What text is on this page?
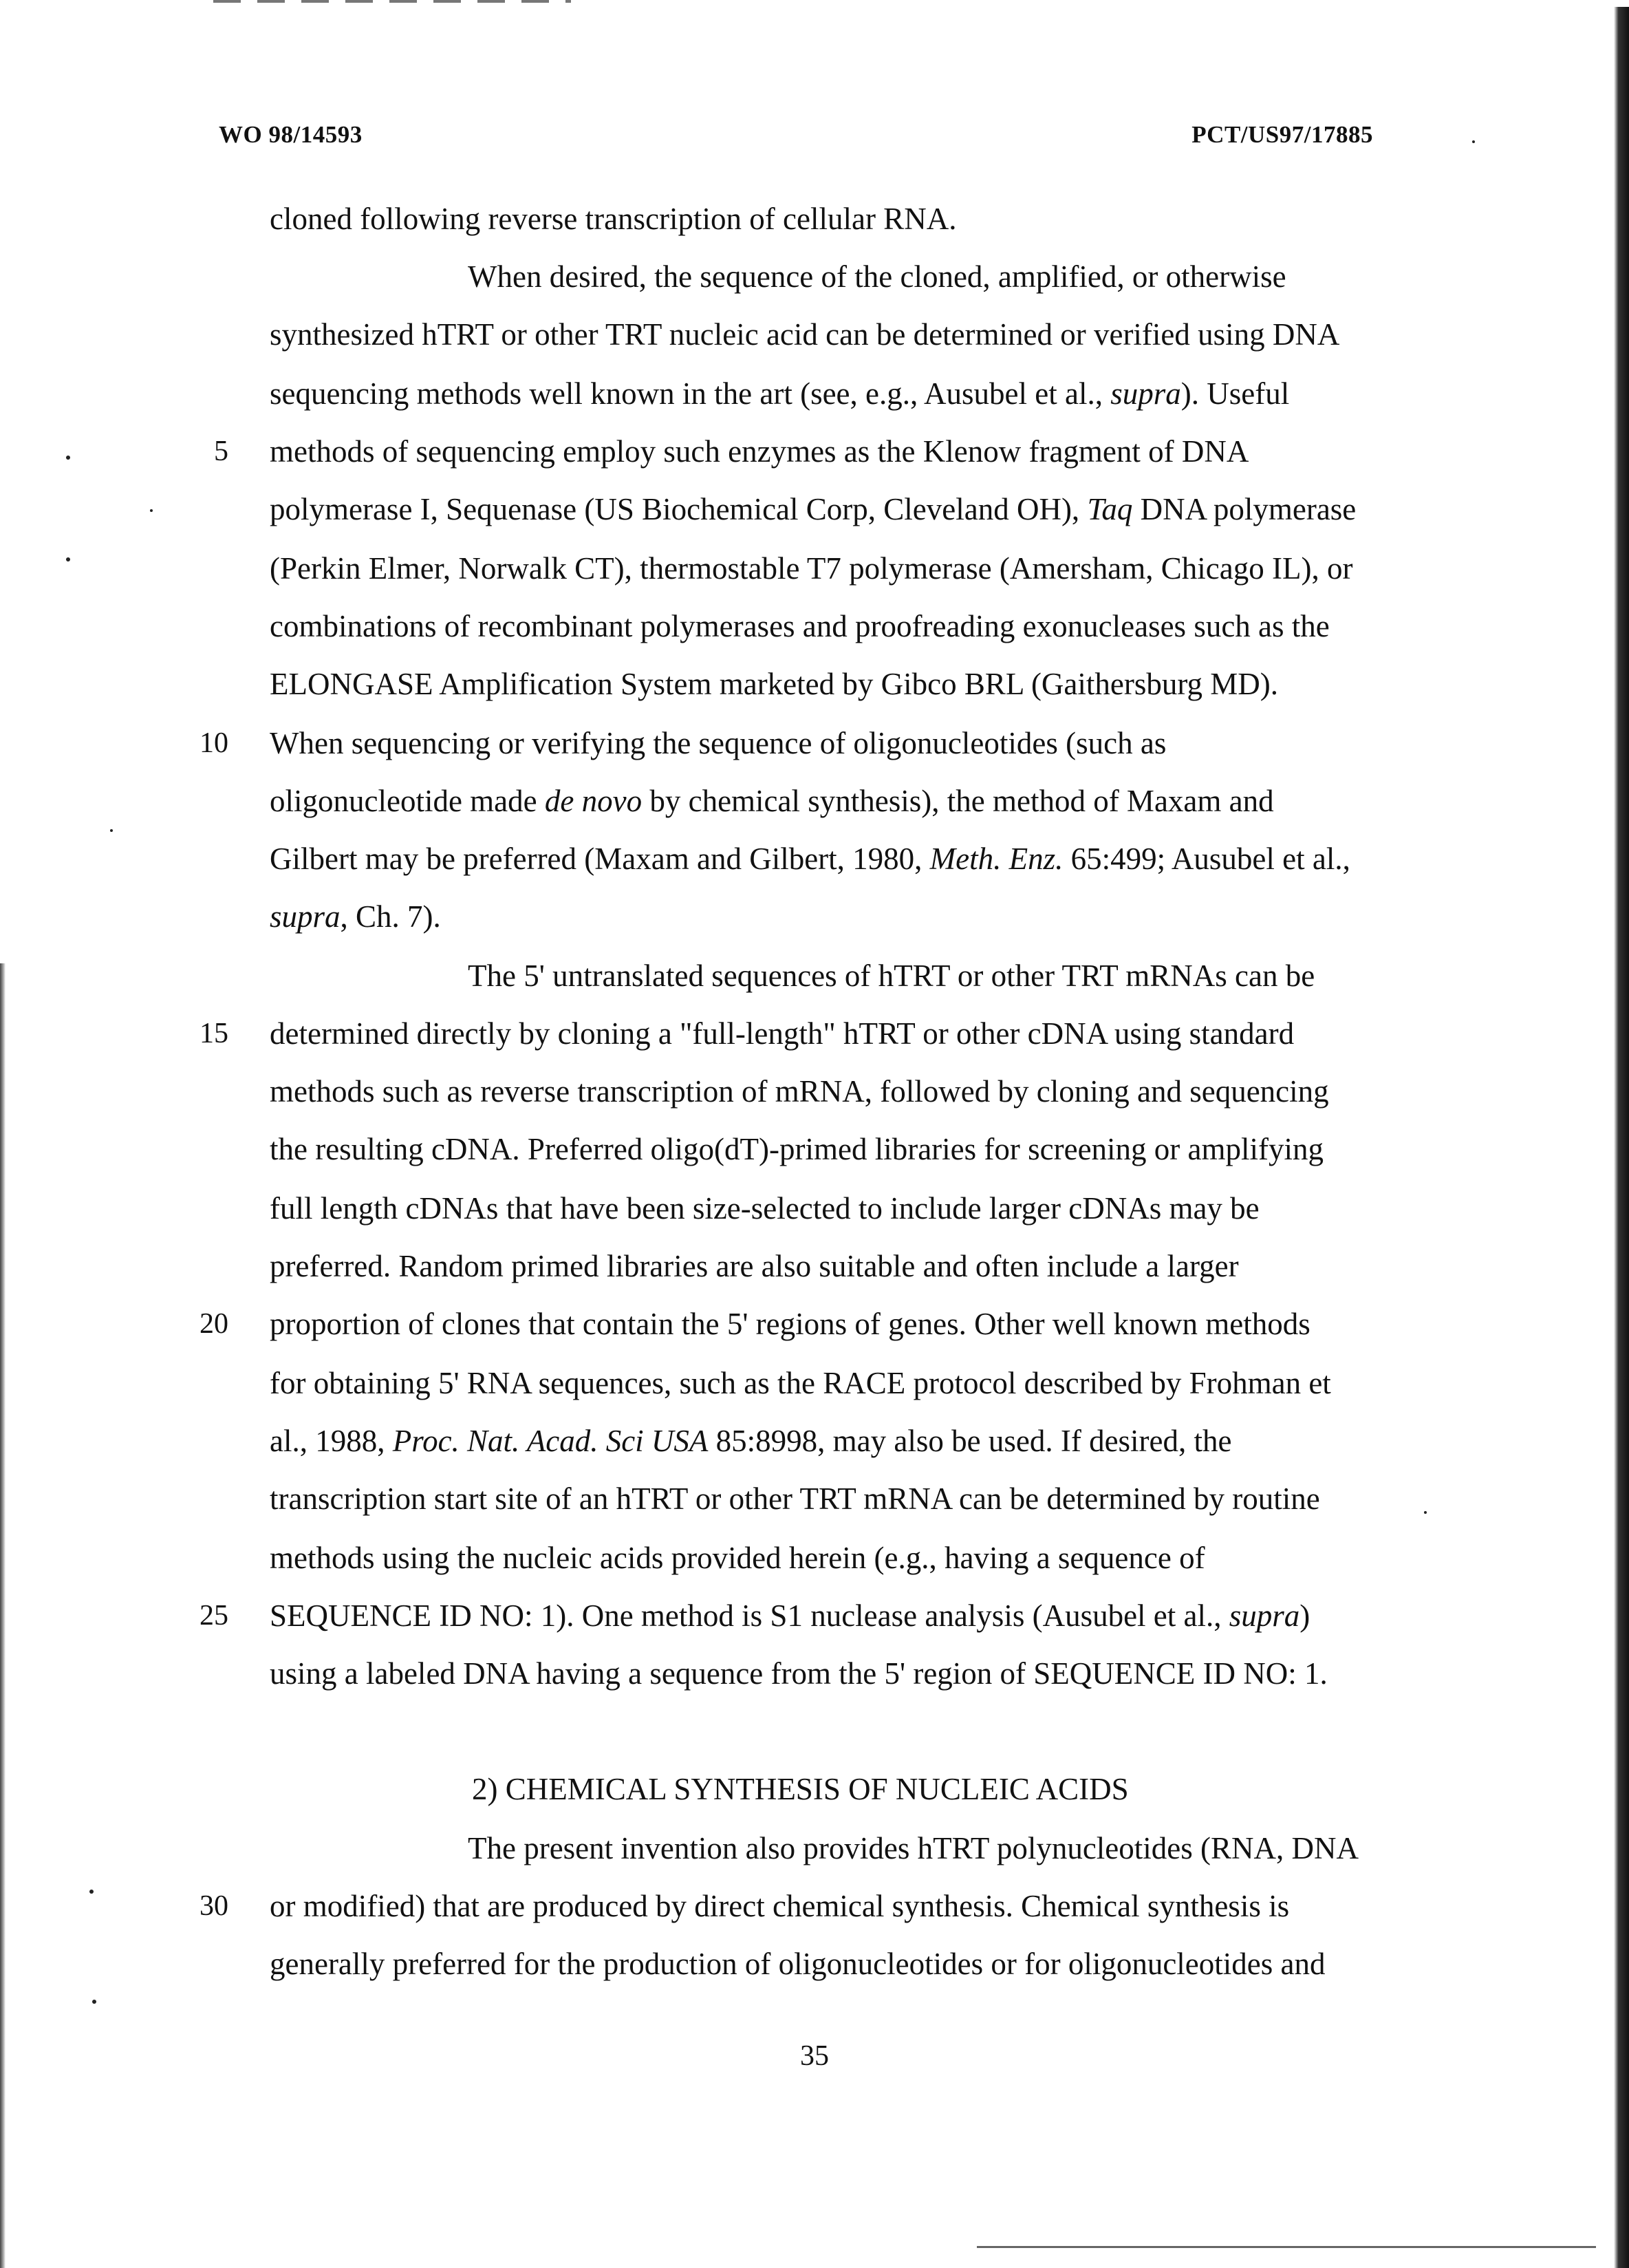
WO 98/14593	PCT/US97/17885
5
10
15
20
25
30
cloned following reverse transcription of cellular RNA.
When desired, the sequence of the cloned, amplified, or otherwise
synthesized hTRT or other TRT nucleic acid can be determined or verified using DNA
sequencing methods well known in the art (see, e.g., Ausubel et al., supra). Useful
methods of sequencing employ such enzymes as the Klenow fragment of DNA
polymerase I, Sequenase (US Biochemical Corp, Cleveland OH), Taq DNA polymerase
(Perkin Elmer, Norwalk CT), thermostable T7 polymerase (Amersham, Chicago IL), or
combinations of recombinant polymerases and proofreading exonucleases such as the
ELONGASE Amplification System marketed by Gibco BRL (Gaithersburg MD).
When sequencing or verifying the sequence of oligonucleotides (such as
oligonucleotide made de novo by chemical synthesis), the method of Maxam and
Gilbert may be preferred (Maxam and Gilbert, 1980, Meth. Enz. 65:499; Ausubel et al.,
supra, Ch. 7).
The 5' untranslated sequences of hTRT or other TRT mRNAs can be
determined directly by cloning a "full-length" hTRT or other cDNA using standard
methods such as reverse transcription of mRNA, followed by cloning and sequencing
the resulting cDNA. Preferred oligo(dT)-primed libraries for screening or amplifying
full length cDNAs that have been size-selected to include larger cDNAs may be
preferred. Random primed libraries are also suitable and often include a larger
proportion of clones that contain the 5' regions of genes. Other well known methods
for obtaining 5' RNA sequences, such as the RACE protocol described by Frohman et
al., 1988, Proc. Nat. Acad. Sci USA 85:8998, may also be used. If desired, the
transcription start site of an hTRT or other TRT mRNA can be determined by routine
methods using the nucleic acids provided herein (e.g., having a sequence of
SEQUENCE ID NO: 1). One method is S1 nuclease analysis (Ausubel et al., supra)
using a labeled DNA having a sequence from the 5' region of SEQUENCE ID NO: 1.
2) CHEMICAL SYNTHESIS OF NUCLEIC ACIDS
The present invention also provides hTRT polynucleotides (RNA, DNA
or modified) that are produced by direct chemical synthesis. Chemical synthesis is
generally preferred for the production of oligonucleotides or for oligonucleotides and
35
